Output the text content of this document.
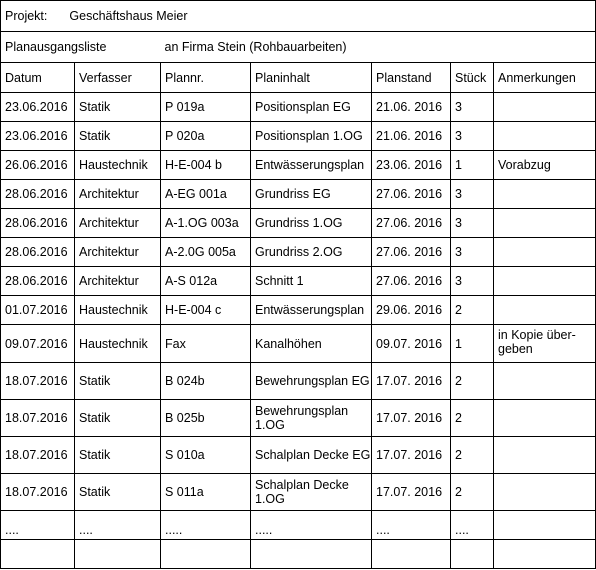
Projekt: Geschäftshaus Meier						
Planausgangsliste		an Firma Stein (Rohbauarbeiten)				
Datum	Verfasser	Plannr.	Planinhalt	Planstand	Stück	Anmerkungen
23.06.2016	Statik	P 019a	Positionsplan EG	21.06. 2016	3	
23.06.2016	Statik	P 020a	Positionsplan 1.OG	21.06. 2016	3	
26.06.2016	Haustechnik	H-E-004 b	Entwässerungsplan	23.06. 2016	1	Vorabzug
28.06.2016	Architektur	A-EG 001a	Grundriss EG	27.06. 2016	3	
28.06.2016	Architektur	A-1.OG 003a	Grundriss 1.OG	27.06. 2016	3	
28.06.2016	Architektur	A-2.0G 005a	Grundriss 2.OG	27.06. 2016	3	
28.06.2016	Architektur	A-S 012a	Schnitt 1	27.06. 2016	3	
01.07.2016	Haustechnik	H-E-004 c	Entwässerungsplan	29.06. 2016	2	
09.07.2016	Haustechnik	Fax	Kanalhöhen	09.07. 2016	1	in Kopie über-geben
18.07.2016	Statik	B 024b	Bewehrungsplan EG	17.07. 2016	2	
18.07.2016	Statik	B 025b	Bewehrungsplan 1.OG	17.07. 2016	2	
18.07.2016	Statik	S 010a	Schalplan Decke EG	17.07. 2016	2	
18.07.2016	Statik	S 011a	Schalplan Decke 1.OG	17.07. 2016	2	
....	....	.....	.....	....	....	
